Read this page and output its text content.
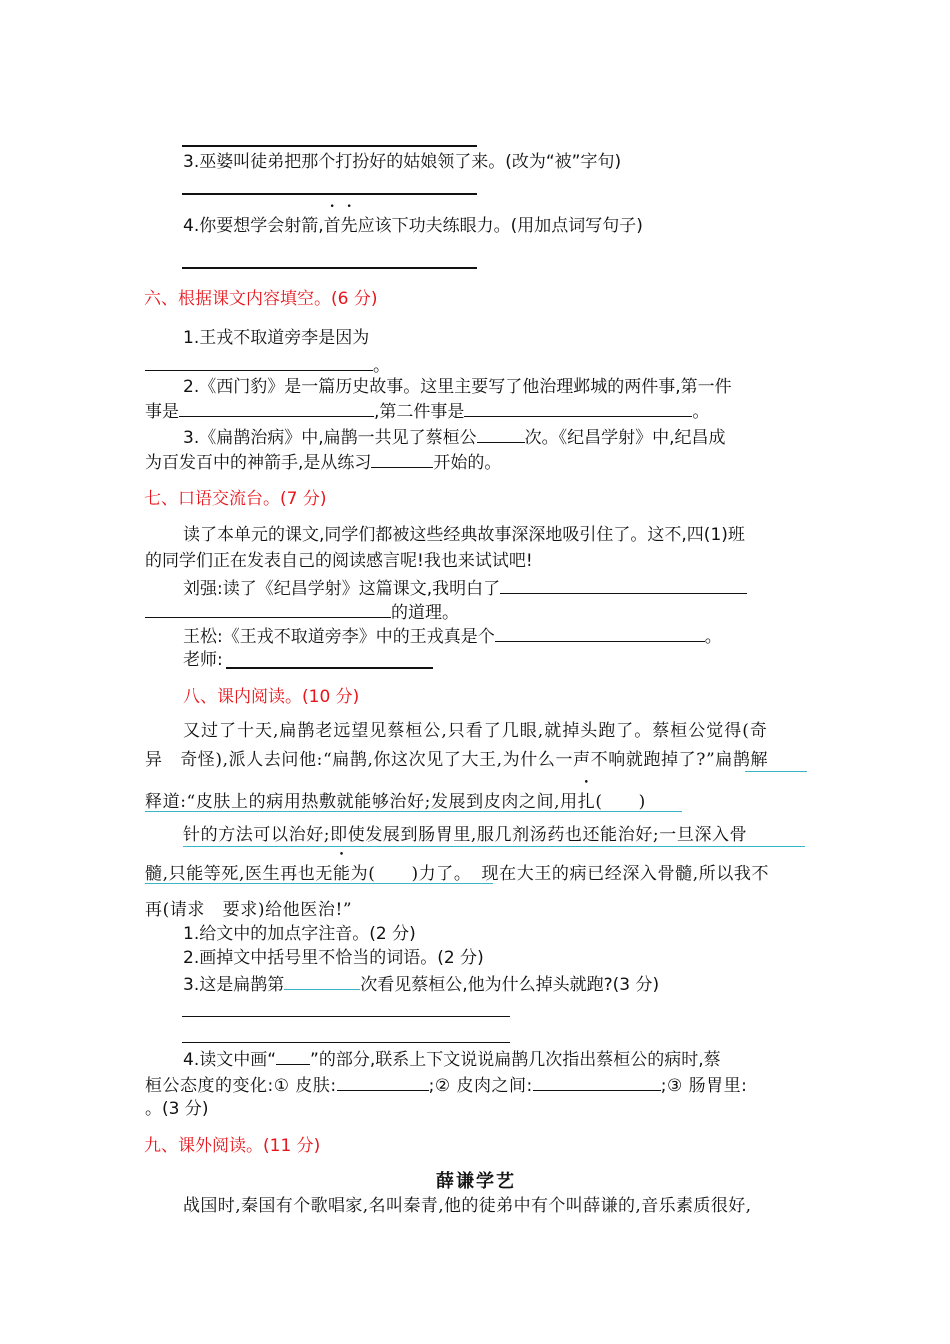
3.巫婆叫徒弟把那个打扮好的姑娘领了来。(改为“被”字句)
4.你要想学会射箭,首先应该下功夫练眼力。(用加点词写句子)
六、根据课文内容填空。(6 分)
1.王戎不取道旁李是因为
。
2.《西门豹》是一篇历史故事。这里主要写了他治理邺城的两件事,第一件
事是	,第二件事是	。
3.《扁鹊治病》中,扁鹊一共见了蔡桓公	次。《纪昌学射》中,纪昌成
为百发百中的神箭手,是从练习	开始的。
七、口语交流台。(7 分)
读了本单元的课文,同学们都被这些经典故事深深地吸引住了。这不,四(1)班
的同学们正在发表自己的阅读感言呢!我也来试试吧!
刘强:读了《纪昌学射》这篇课文,我明白了
的道理。
王松:《王戎不取道旁李》中的王戎真是个	。
老师:
八、课内阅读。(10 分)
又过了十天,扁鹊老远望见蔡桓公,只看了几眼,就掉头跑了。蔡桓公觉得(奇
异　奇怪),派人去问他:“扁鹊,你这次见了大王,为什么一声不响就跑掉了?”扁鹊解
释道:“皮肤上的病用热敷就能够治好;发展到皮肉之间,用扎( )
针的方法可以治好;即使发展到肠胃里,服几剂汤药也还能治好;一旦深入骨
髓,只能等死,医生再也无能为( )力了。 现在大王的病已经深入骨髓,所以我不
再(请求　要求)给他医治!”
1.给文中的加点字注音。(2 分)
2.画掉文中括号里不恰当的词语。(2 分)
3.这是扁鹊第	次看见蔡桓公,他为什么掉头就跑?(3 分)
4.读文中画“ ”的部分,联系上下文说说扁鹊几次指出蔡桓公的病时,蔡
桓公态度的变化:① 皮肤:	;② 皮肉之间:	;③ 肠胃里:
。(3 分)
九、课外阅读。(11 分)
薛谦学艺
战国时,秦国有个歌唱家,名叫秦青,他的徒弟中有个叫薛谦的,音乐素质很好,
